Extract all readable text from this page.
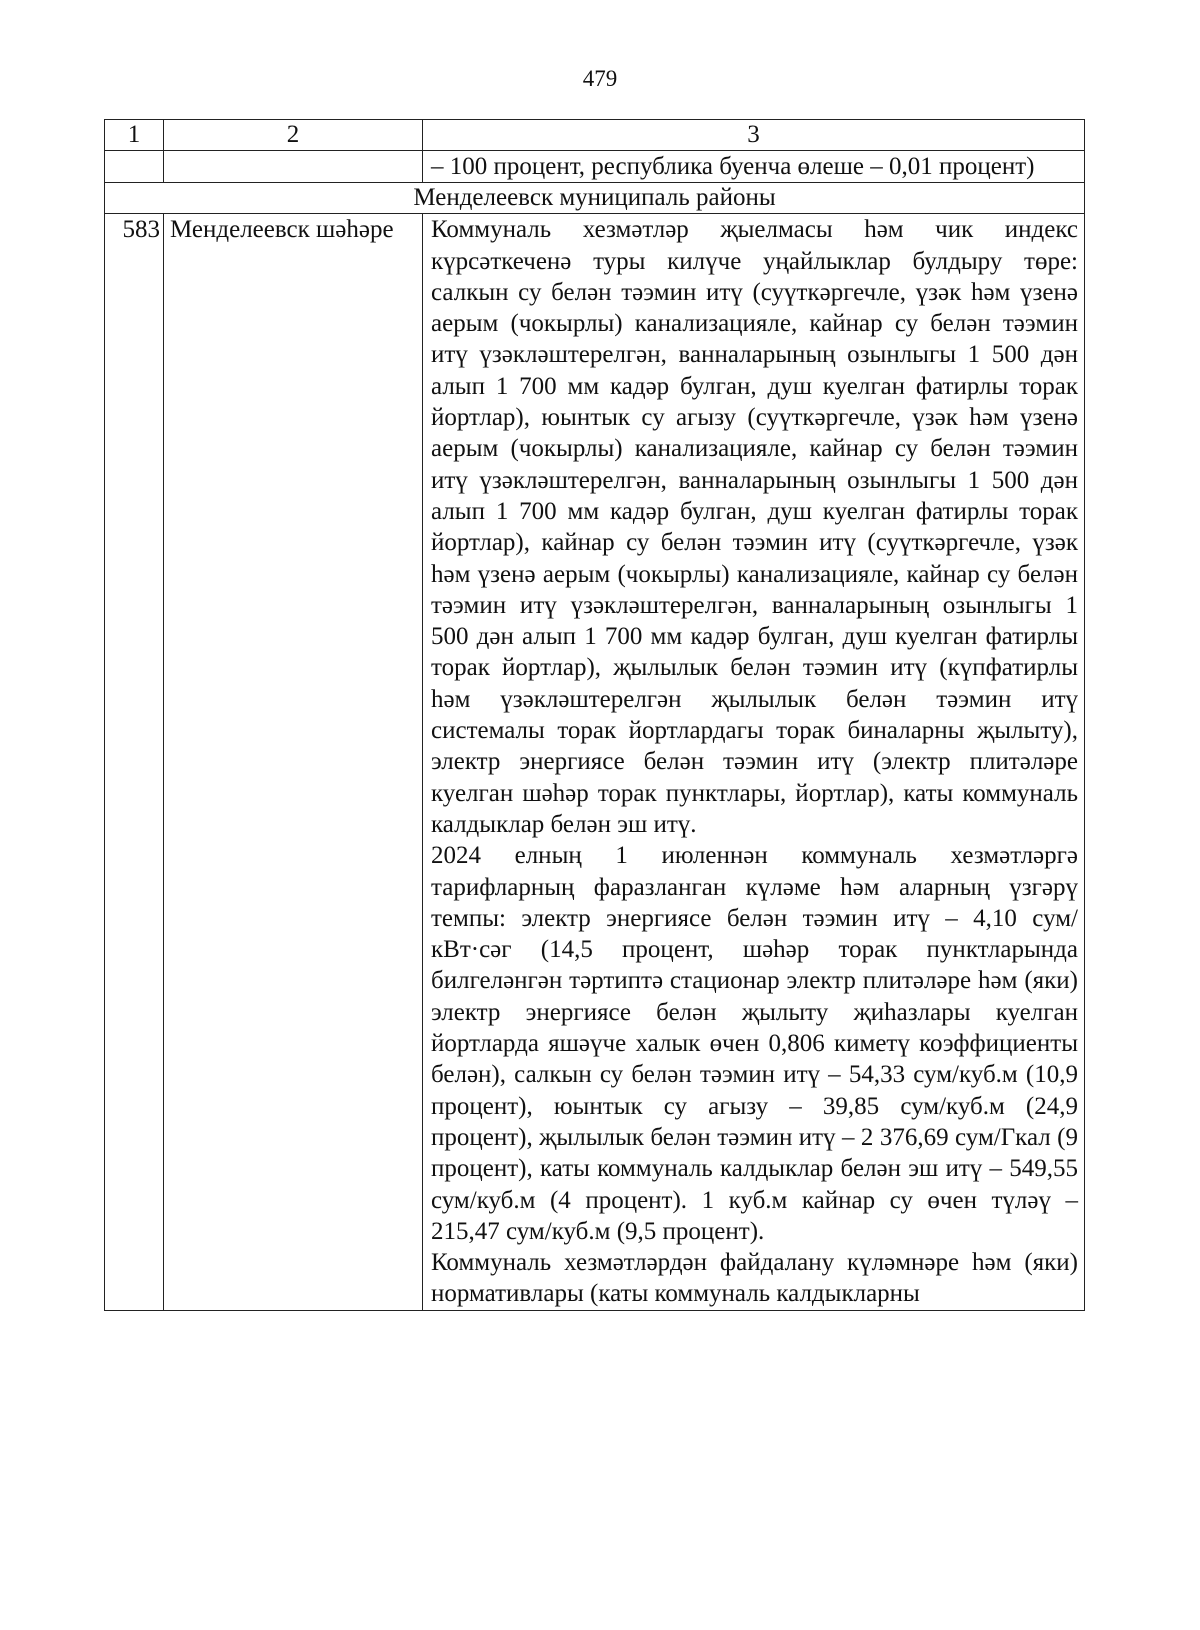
479
1	2	3
		– 100 процент, республика буенча өлеше – 0,01 процент)
Менделеевск муниципаль районы		
583	Менделеевск шәһәре	Коммуналь хезмәтләр җыелмасы һәм чик индекс күрсәткеченә туры килүче уңайлыклар булдыру төре: салкын су белән тәэмин итү (суүткәргечле, үзәк һәм үзенә аерым (чокырлы) канализацияле, кайнар су белән тәэмин итү үзәкләштерелгән, ванналарының озынлыгы 1 500 дән алып 1 700 мм кадәр булган, душ куелган фатирлы торак йортлар), юынтык су агызу (суүткәргечле, үзәк һәм үзенә аерым (чокырлы) канализацияле, кайнар су белән тәэмин итү үзәкләштерелгән, ванналарының озынлыгы 1 500 дән алып 1 700 мм кадәр булган, душ куелган фатирлы торак йортлар), кайнар су белән тәэмин итү (суүткәргечле, үзәк һәм үзенә аерым (чокырлы) канализацияле, кайнар су белән тәэмин итү үзәкләштерелгән, ванналарының озынлыгы 1 500 дән алып 1 700 мм кадәр булган, душ куелган фатирлы торак йортлар), җылылык белән тәэмин итү (күпфатирлы һәм үзәкләштерелгән җылылык белән тәэмин итү системалы торак йортлардагы торак биналарны җылыту), электр энергиясе белән тәэмин итү (электр плитәләре куелган шәһәр торак пунктлары, йортлар), каты коммуналь калдыклар белән эш итү.

2024 елның 1 июленнән коммуналь хезмәтләргә тарифларның фаразланган күләме һәм аларның үзгәрү темпы: электр энергиясе белән тәэмин итү – 4,10 сум/кВт·сәг (14,5 процент, шәһәр торак пунктларында билгеләнгән тәртиптә стационар электр плитәләре һәм (яки) электр энергиясе белән җылыту җиһазлары куелган йортларда яшәүче халык өчен 0,806 киметү коэффициенты белән), салкын су белән тәэмин итү – 54,33 сум/куб.м (10,9 процент), юынтык су агызу – 39,85 сум/куб.м (24,9 процент), җылылык белән тәэмин итү – 2 376,69 сум/Гкал (9 процент), каты коммуналь калдыклар белән эш итү – 549,55 сум/куб.м (4 процент). 1 куб.м кайнар су өчен түләү – 215,47 сум/куб.м (9,5 процент).

Коммуналь хезмәтләрдән файдалану күләмнәре һәм (яки) нормативлары (каты коммуналь калдыкларны
